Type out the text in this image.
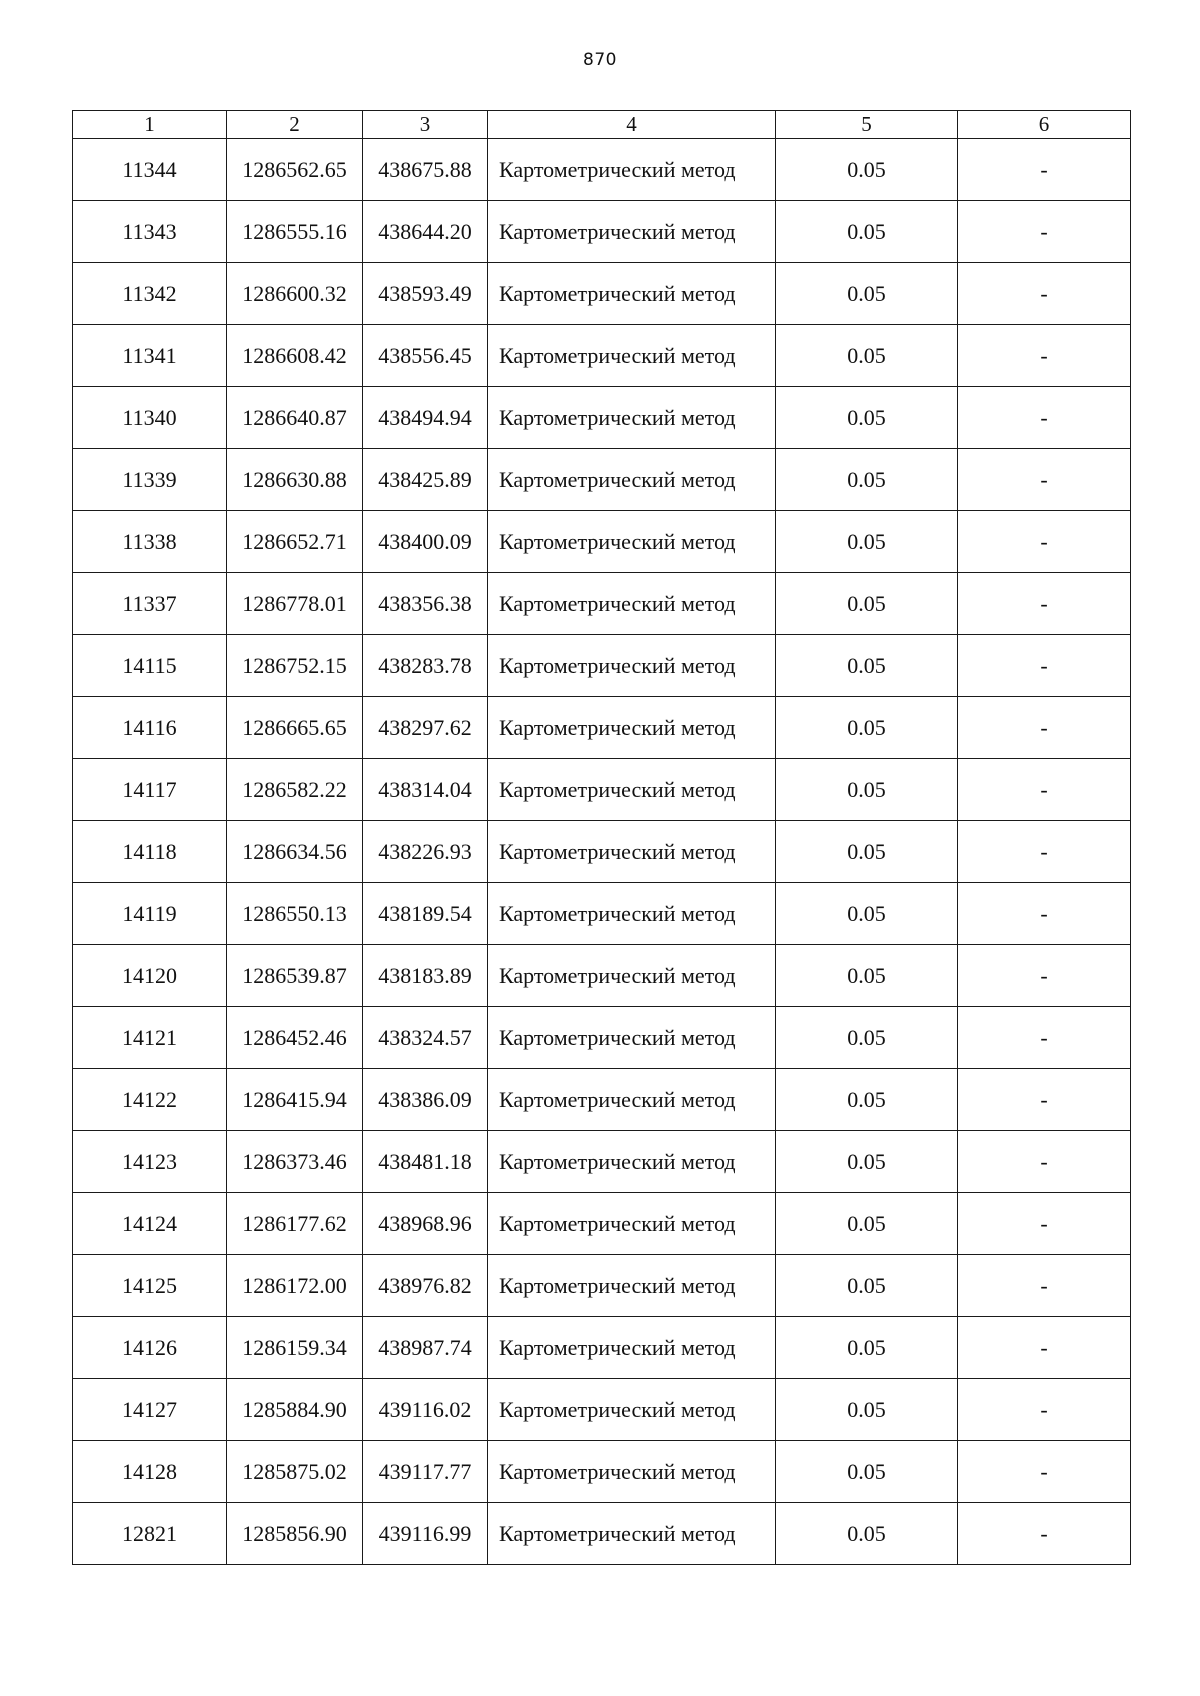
870
1	2	3	4	5	6
11344	1286562.65	438675.88	Картометрический метод	0.05	-
11343	1286555.16	438644.20	Картометрический метод	0.05	-
11342	1286600.32	438593.49	Картометрический метод	0.05	-
11341	1286608.42	438556.45	Картометрический метод	0.05	-
11340	1286640.87	438494.94	Картометрический метод	0.05	-
11339	1286630.88	438425.89	Картометрический метод	0.05	-
11338	1286652.71	438400.09	Картометрический метод	0.05	-
11337	1286778.01	438356.38	Картометрический метод	0.05	-
14115	1286752.15	438283.78	Картометрический метод	0.05	-
14116	1286665.65	438297.62	Картометрический метод	0.05	-
14117	1286582.22	438314.04	Картометрический метод	0.05	-
14118	1286634.56	438226.93	Картометрический метод	0.05	-
14119	1286550.13	438189.54	Картометрический метод	0.05	-
14120	1286539.87	438183.89	Картометрический метод	0.05	-
14121	1286452.46	438324.57	Картометрический метод	0.05	-
14122	1286415.94	438386.09	Картометрический метод	0.05	-
14123	1286373.46	438481.18	Картометрический метод	0.05	-
14124	1286177.62	438968.96	Картометрический метод	0.05	-
14125	1286172.00	438976.82	Картометрический метод	0.05	-
14126	1286159.34	438987.74	Картометрический метод	0.05	-
14127	1285884.90	439116.02	Картометрический метод	0.05	-
14128	1285875.02	439117.77	Картометрический метод	0.05	-
12821	1285856.90	439116.99	Картометрический метод	0.05	-
